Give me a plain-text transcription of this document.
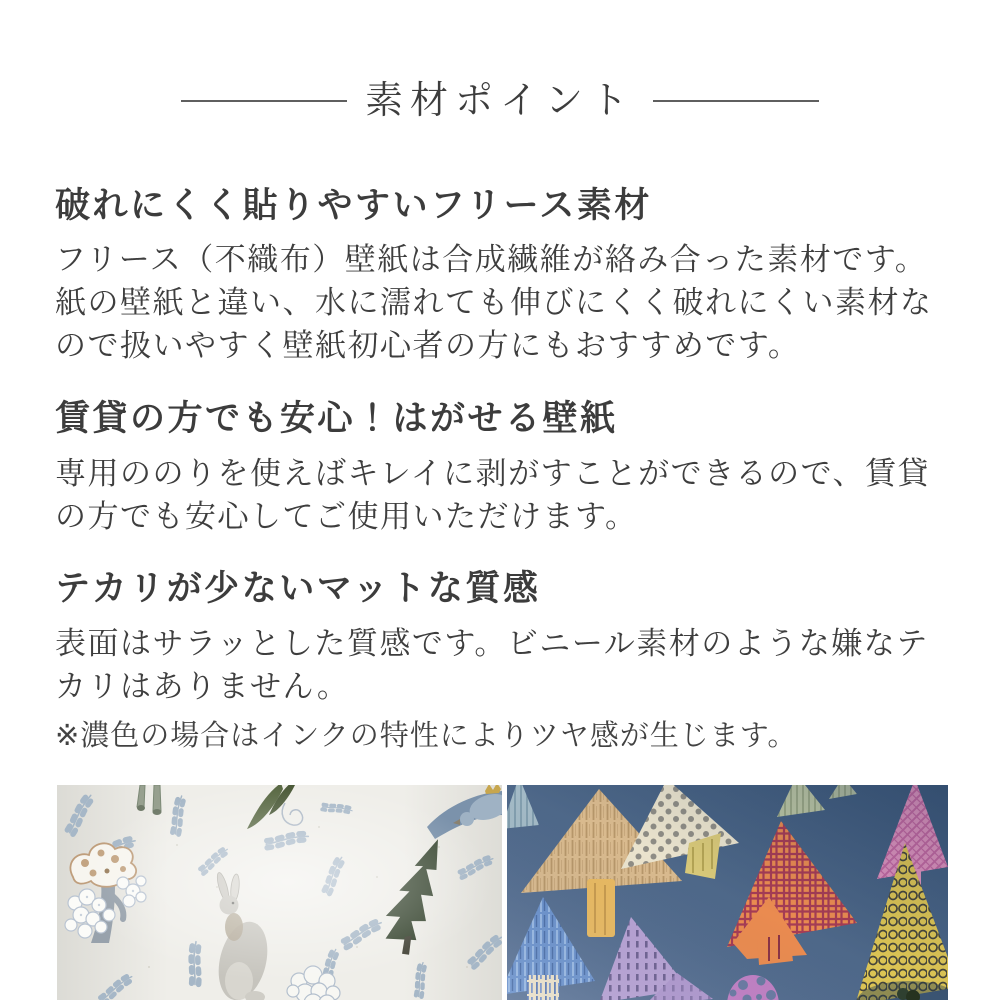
素材ポイント
破れにくく貼りやすいフリース素材
フリース（不織布）壁紙は合成繊維が絡み合った素材です。
紙の壁紙と違い、水に濡れても伸びにくく破れにくい素材な
ので扱いやすく壁紙初心者の方にもおすすめです。
賃貸の方でも安心！はがせる壁紙
専用ののりを使えばキレイに剥がすことができるので、賃貸
の方でも安心してご使用いただけます。
テカリが少ないマットな質感
表面はサラッとした質感です。ビニール素材のような嫌なテ
カリはありません。

※濃色の場合はインクの特性によりツヤ感が生じます。
